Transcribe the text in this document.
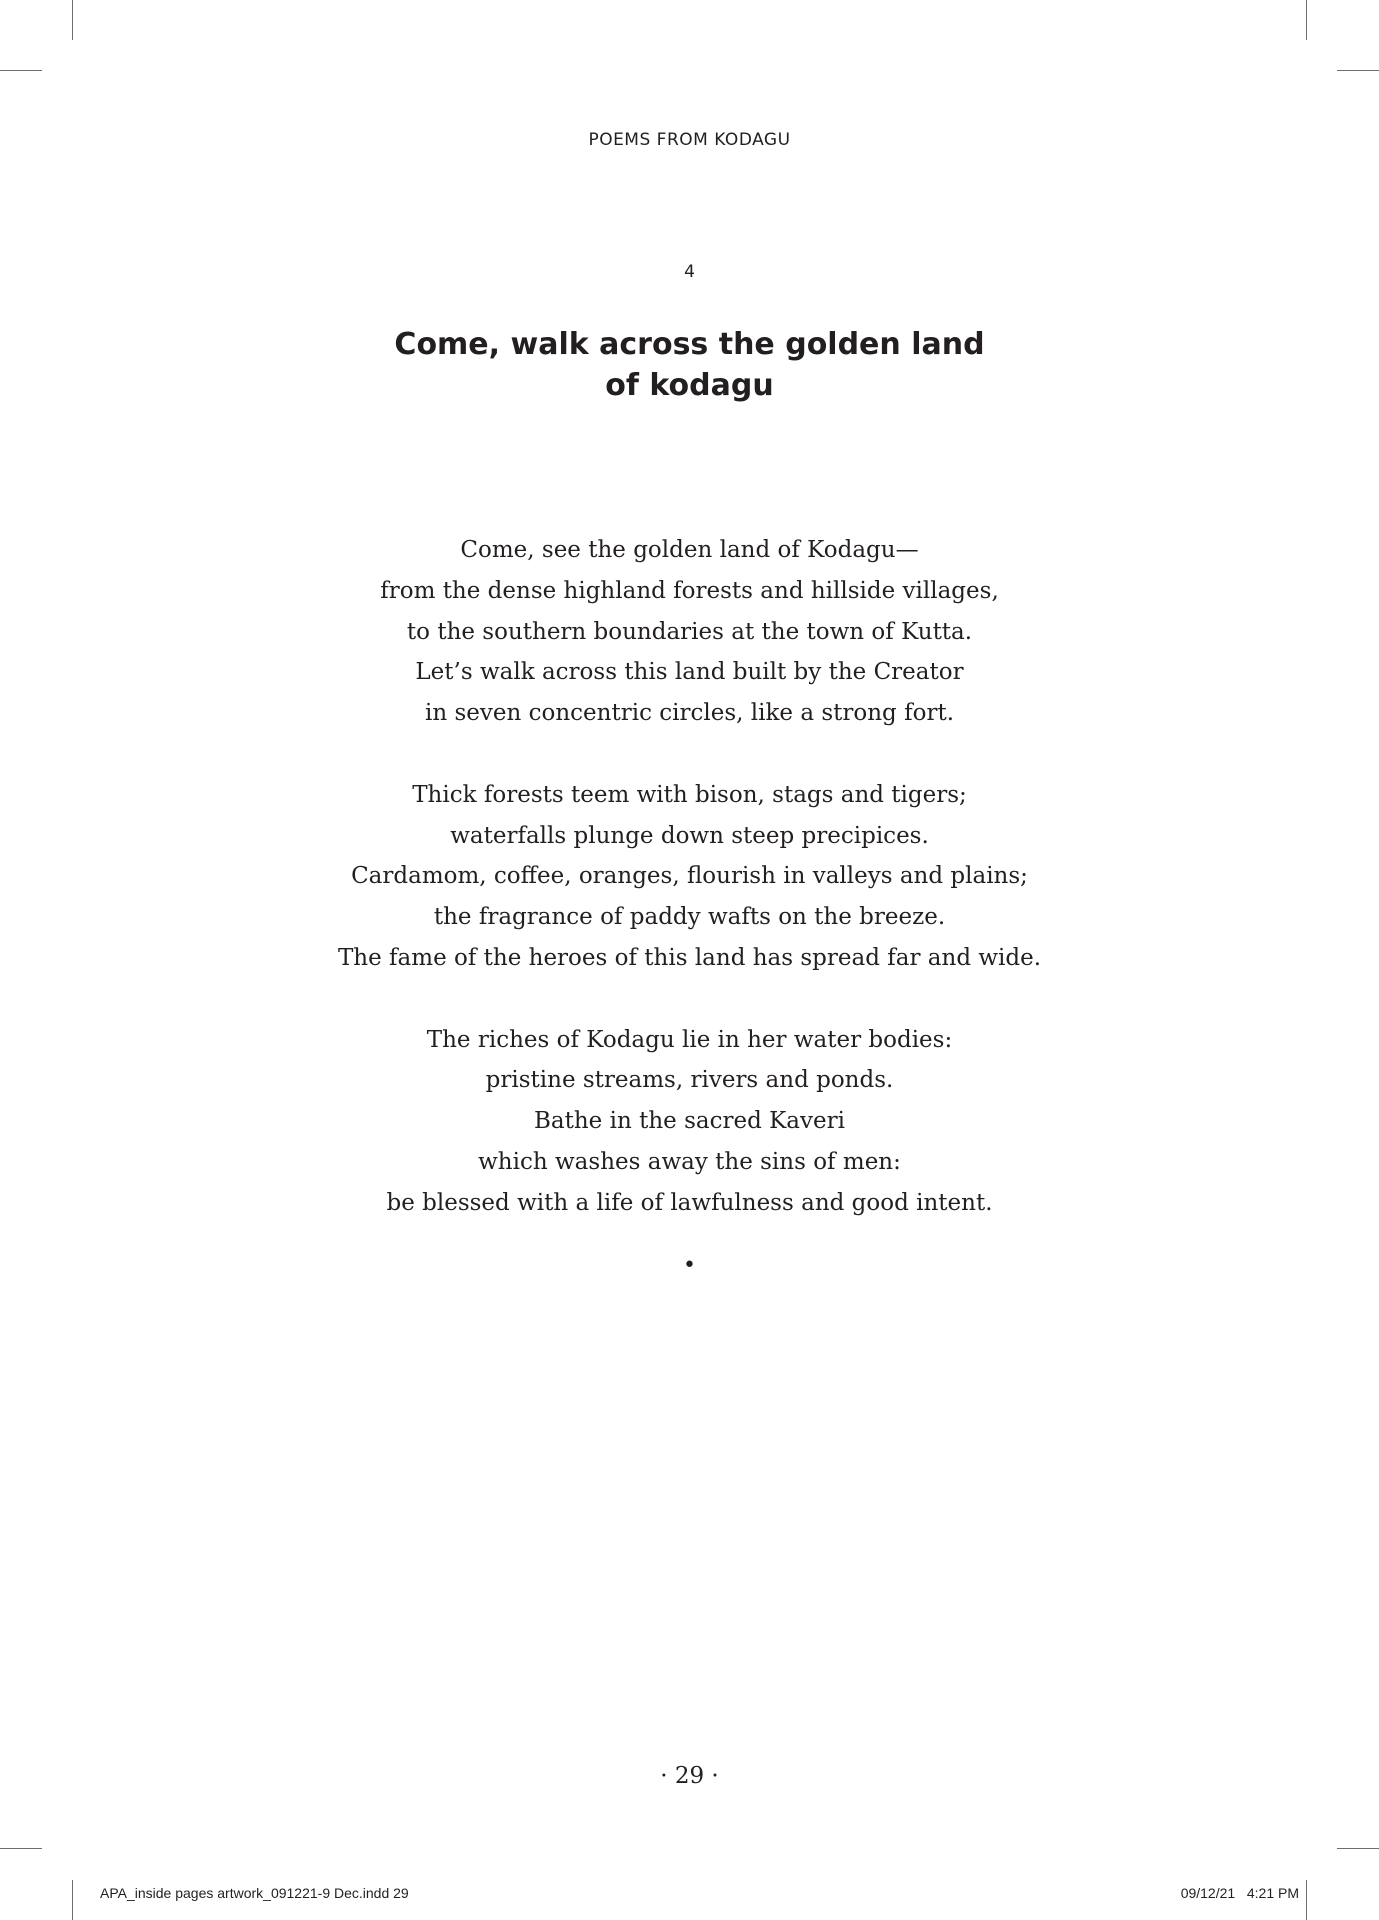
POEMS FROM KODAGU
4
Come, walk across the golden land
of kodagu

Come, see the golden land of Kodagu—
from the dense highland forests and hillside villages,
to the southern boundaries at the town of Kutta.
Let’s walk across this land built by the Creator
in seven concentric circles, like a strong fort.

Thick forests teem with bison, stags and tigers;
waterfalls plunge down steep precipices.
Cardamom, coffee, oranges, flourish in valleys and plains;
the fragrance of paddy wafts on the breeze.
The fame of the heroes of this land has spread far and wide.

The riches of Kodagu lie in her water bodies:
pristine streams, rivers and ponds.
Bathe in the sacred Kaveri
which washes away the sins of men:
be blessed with a life of lawfulness and good intent.

•
· 29 ·
APA_inside pages artwork_091221-9 Dec.indd 29	09/12/21   4:21 PM
